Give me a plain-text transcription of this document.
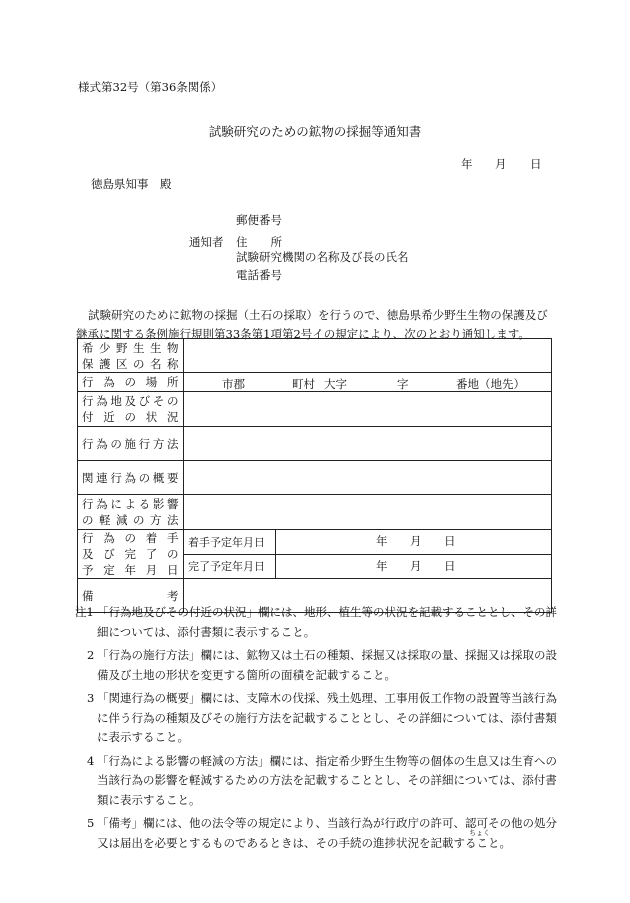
様式第32号（第36条関係）
試験研究のための鉱物の採掘等通知書
年 月 日
徳島県知事　殿
通知者
郵便番号
住　　所
試験研究機関の名称及び長の氏名
電話番号
試験研究のために鉱物の採掘（土石の採取）を行うので、徳島県希少野生生物の保護及び
継承に関する条例施行規則第33条第1項第2号イの規定により、次のとおり通知します。
希少野生生物
保護区の名称		

行為の場所	市郡 町村 大字 字 番地（地先）	

行為地及びその
付近の状況		

行為の施行方法		

関連行為の概要		

行為による影響
の軽減の方法		

行為の着手
及び完了の
予定年月日	着手予定年月日	年 月 日

	完了予定年月日	年 月 日

備　　　　考		

注1 「行為地及びその付近の状況」欄には、地形、植生等の状況を記載することとし、その詳細については、添付書類に表示すること。
2 「行為の施行方法」欄には、鉱物又は土石の種類、採掘又は採取の量、採掘又は採取の設備及び土地の形状を変更する箇所の面積を記載すること。
3 「関連行為の概要」欄には、支障木の伐採、残土処理、工事用仮工作物の設置等当該行為に伴う行為の種類及びその施行方法を記載することとし、その詳細については、添付書類に表示すること。
4 「行為による影響の軽減の方法」欄には、指定希少野生生物等の個体の生息又は生育への当該行為の影響を軽減するための方法を記載することとし、その詳細については、添付書類に表示すること。
5 「備考」欄には、他の法令等の規定により、当該行為が行政庁の許可、認可その他の処分又は届出を必要とするものであるときは、その手続の進捗状況を記載すること。
ちょく
